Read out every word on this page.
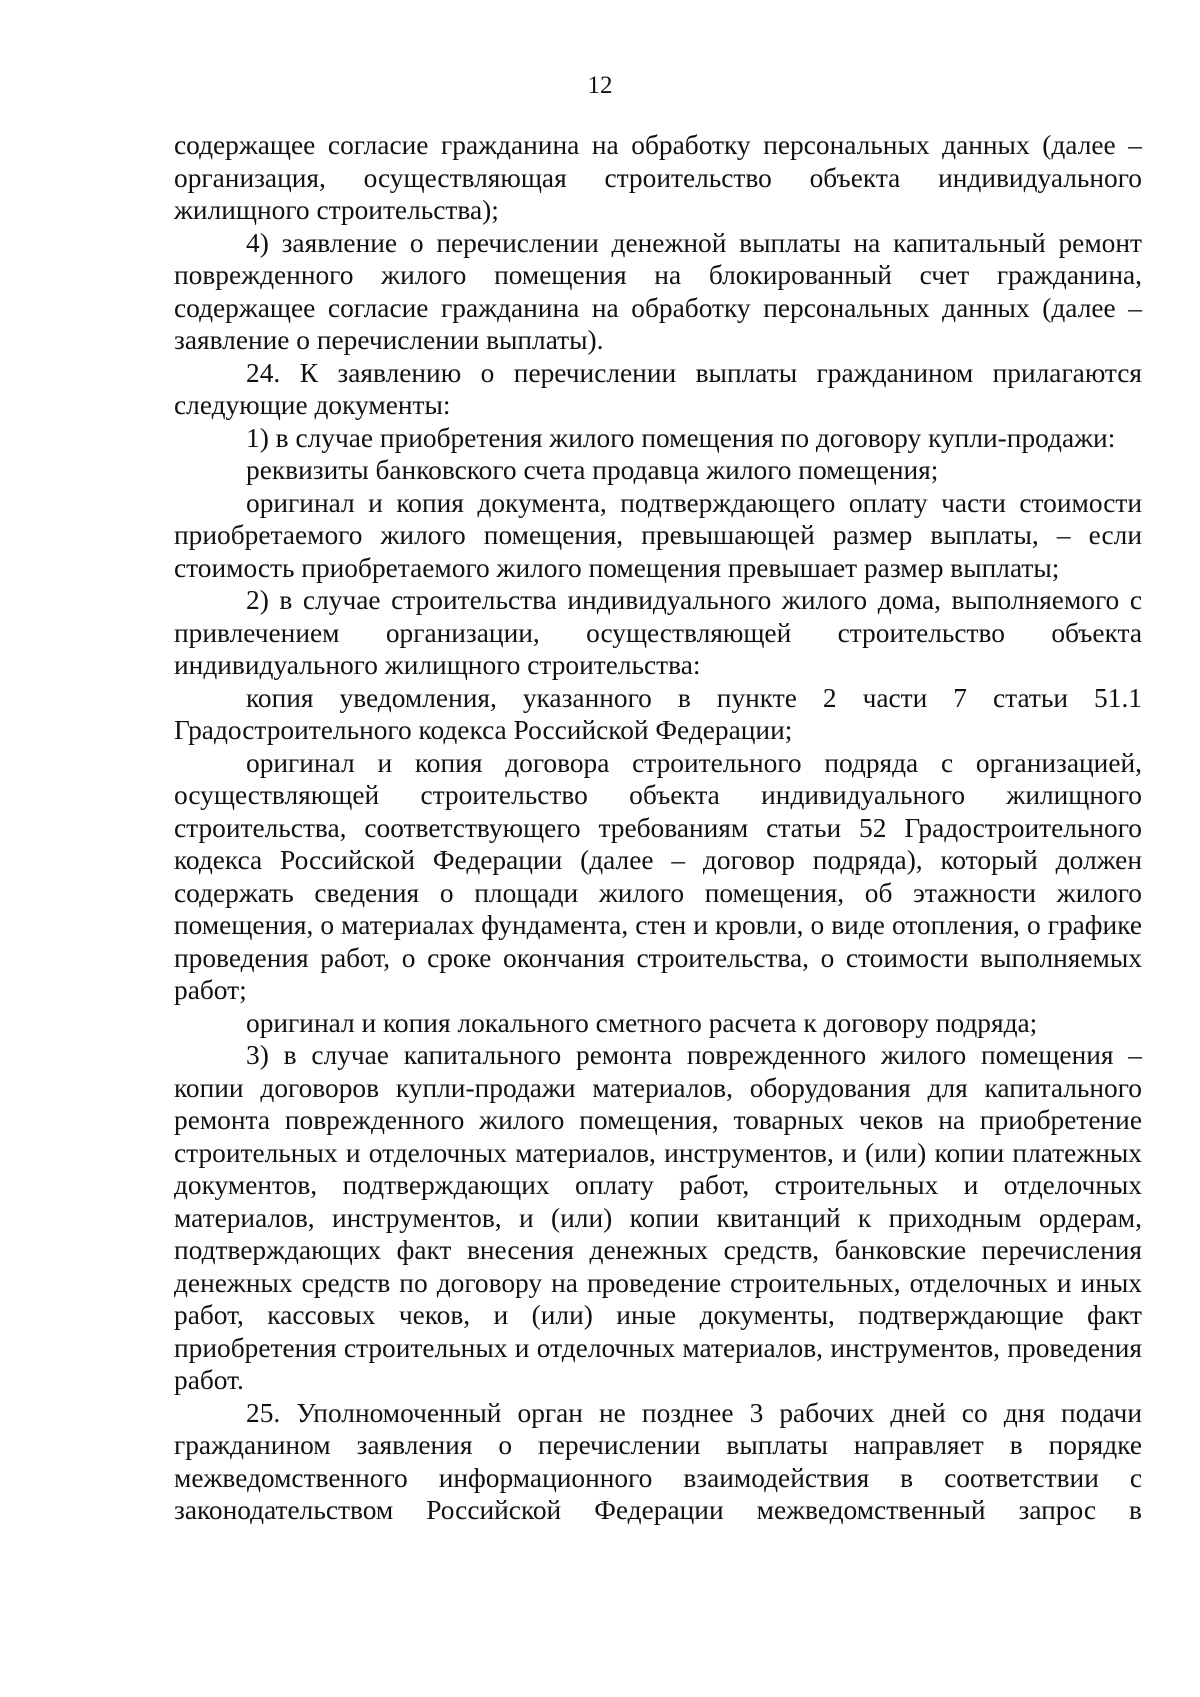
12

содержащее согласие гражданина на обработку персональных данных (далее – организация, осуществляющая строительство объекта индивидуального жилищного строительства);

4) заявление о перечислении денежной выплаты на капитальный ремонт поврежденного жилого помещения на блокированный счет гражданина, содержащее согласие гражданина на обработку персональных данных (далее – заявление о перечислении выплаты).

24. К заявлению о перечислении выплаты гражданином прилагаются следующие документы:

1) в случае приобретения жилого помещения по договору купли-продажи:

реквизиты банковского счета продавца жилого помещения;

оригинал и копия документа, подтверждающего оплату части стоимости приобретаемого жилого помещения, превышающей размер выплаты, – если стоимость приобретаемого жилого помещения превышает размер выплаты;

2) в случае строительства индивидуального жилого дома, выполняемого с привлечением организации, осуществляющей строительство объекта индивидуального жилищного строительства:

копия уведомления, указанного в пункте 2 части 7 статьи 51.1 Градостроительного кодекса Российской Федерации;

оригинал и копия договора строительного подряда с организацией, осуществляющей строительство объекта индивидуального жилищного строительства, соответствующего требованиям статьи 52 Градостроительного кодекса Российской Федерации (далее – договор подряда), который должен содержать сведения о площади жилого помещения, об этажности жилого помещения, о материалах фундамента, стен и кровли, о виде отопления, о графике проведения работ, о сроке окончания строительства, о стоимости выполняемых работ;

оригинал и копия локального сметного расчета к договору подряда;

3) в случае капитального ремонта поврежденного жилого помещения – копии договоров купли-продажи материалов, оборудования для капитального ремонта поврежденного жилого помещения, товарных чеков на приобретение строительных и отделочных материалов, инструментов, и (или) копии платежных документов, подтверждающих оплату работ, строительных и отделочных материалов, инструментов, и (или) копии квитанций к приходным ордерам, подтверждающих факт внесения денежных средств, банковские перечисления денежных средств по договору на проведение строительных, отделочных и иных работ, кассовых чеков, и (или) иные документы, подтверждающие факт приобретения строительных и отделочных материалов, инструментов, проведения работ.

25. Уполномоченный орган не позднее 3 рабочих дней со дня подачи гражданином заявления о перечислении выплаты направляет в порядке межведомственного информационного взаимодействия в соответствии с законодательством Российской Федерации межведомственный запрос в
